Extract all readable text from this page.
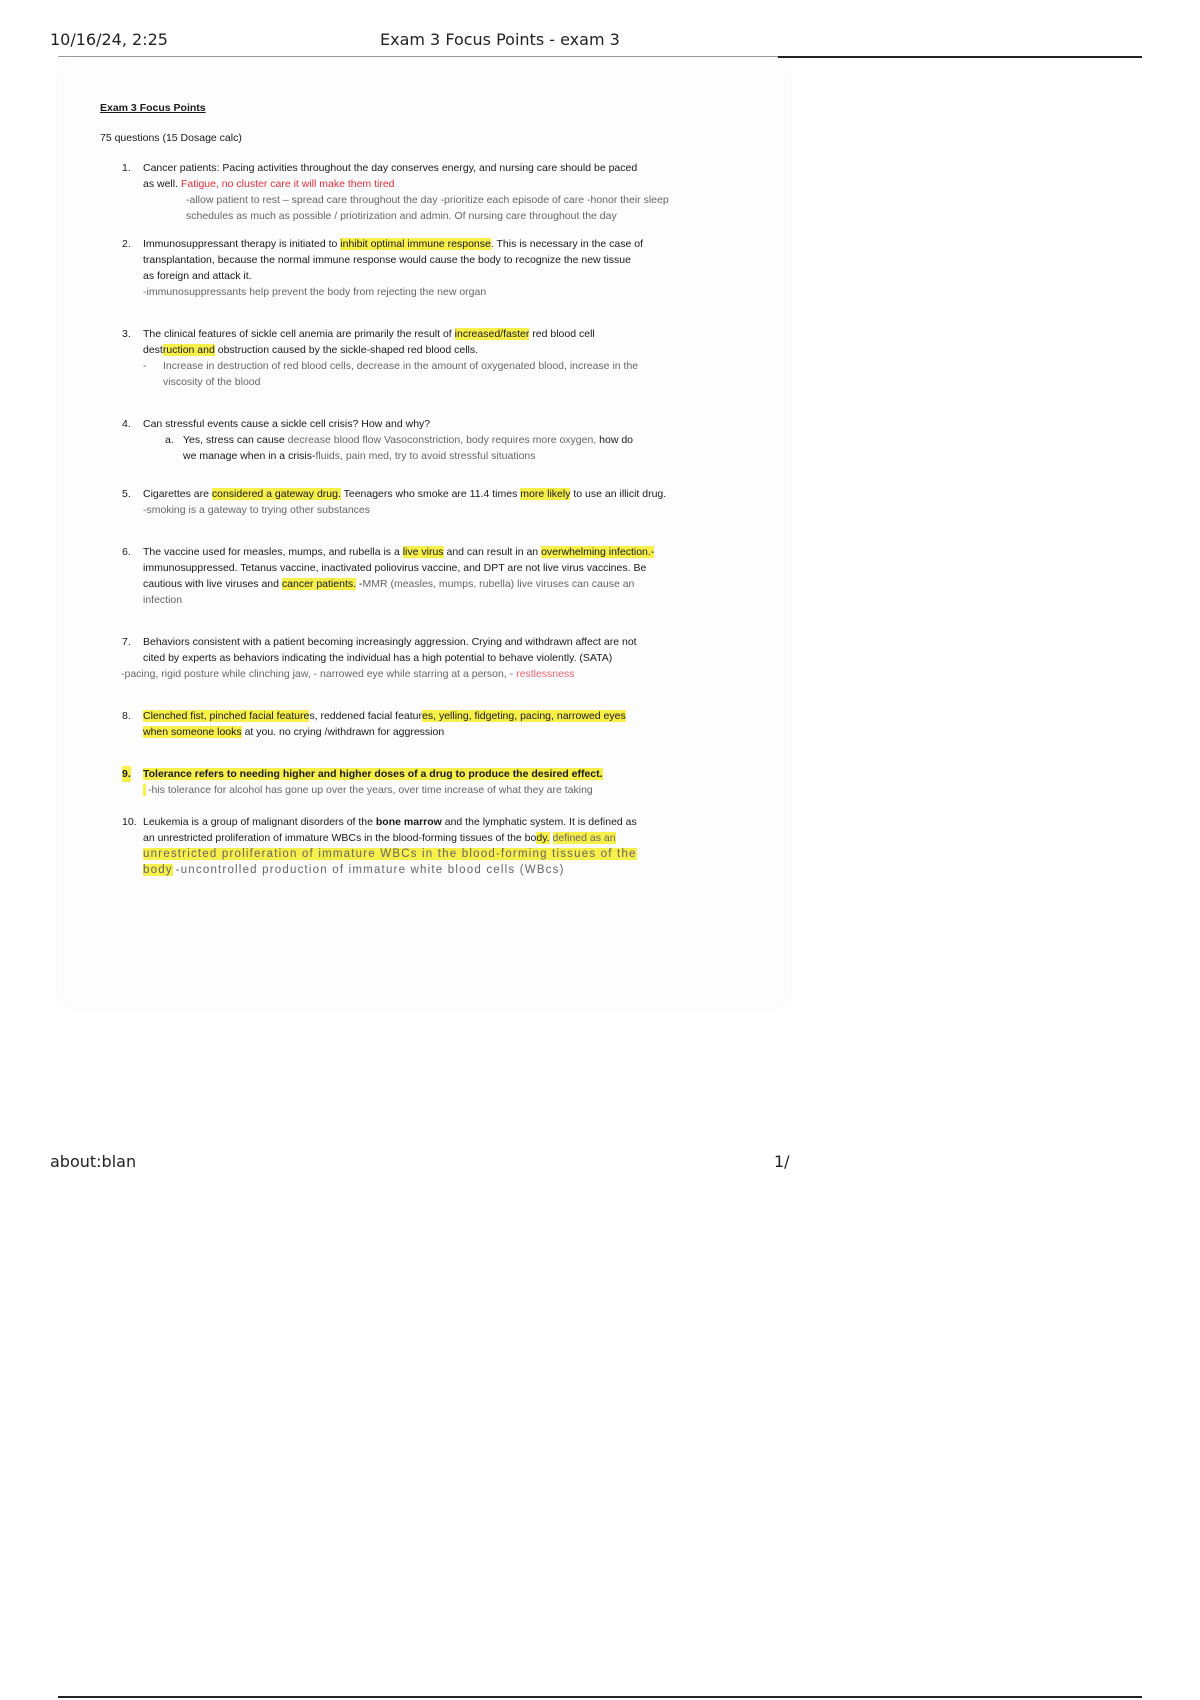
10/16/24, 2:25	Exam 3 Focus Points - exam 3
Exam 3 Focus Points
75 questions (15 Dosage calc)
1. Cancer patients: Pacing activities throughout the day conserves energy, and nursing care should be paced
as well. Fatigue, no cluster care it will make them tired
-allow patient to rest – spread care throughout the day -prioritize each episode of care -honor their sleep
schedules as much as possible / priotirization and admin. Of nursing care throughout the day
2. Immunosuppressant therapy is initiated to inhibit optimal immune response. This is necessary in the case of
transplantation, because the normal immune response would cause the body to recognize the new tissue
as foreign and attack it.
-immunosuppressants help prevent the body from rejecting the new organ
3. The clinical features of sickle cell anemia are primarily the result of increased/faster red blood cell
destruction and obstruction caused by the sickle-shaped red blood cells.
- Increase in destruction of red blood cells, decrease in the amount of oxygenated blood, increase in the
viscosity of the blood
4. Can stressful events cause a sickle cell crisis? How and why?
a. Yes, stress can cause decrease blood flow Vasoconstriction, body requires more oxygen, how do
we manage when in a crisis-fluids, pain med, try to avoid stressful situations
5. Cigarettes are considered a gateway drug. Teenagers who smoke are 11.4 times more likely to use an illicit drug.
-smoking is a gateway to trying other substances
6. The vaccine used for measles, mumps, and rubella is a live virus and can result in an overwhelming infection.-
immunosuppressed. Tetanus vaccine, inactivated poliovirus vaccine, and DPT are not live virus vaccines. Be
cautious with live viruses and cancer patients. -MMR (measles, mumps, rubella) live viruses can cause an
infection
7. Behaviors consistent with a patient becoming increasingly aggression. Crying and withdrawn affect are not
cited by experts as behaviors indicating the individual has a high potential to behave violently. (SATA)
-pacing, rigid posture while clinching jaw, - narrowed eye while starring at a person, - restlessness
8. Clenched fist, pinched facial features, reddened facial features, yelling, fidgeting, pacing, narrowed eyes
when someone looks at you. no crying /withdrawn for aggression
9. Tolerance refers to needing higher and higher doses of a drug to produce the desired effect.
-his tolerance for alcohol has gone up over the years, over time increase of what they are taking
10. Leukemia is a group of malignant disorders of the bone marrow and the lymphatic system. It is defined as
an unrestricted proliferation of immature WBCs in the blood-forming tissues of the body. defined as an
unrestricted proliferation of immature WBCs in the blood-forming tissues of the
body -uncontrolled production of immature white blood cells (WBcs)
about:blan	1/
